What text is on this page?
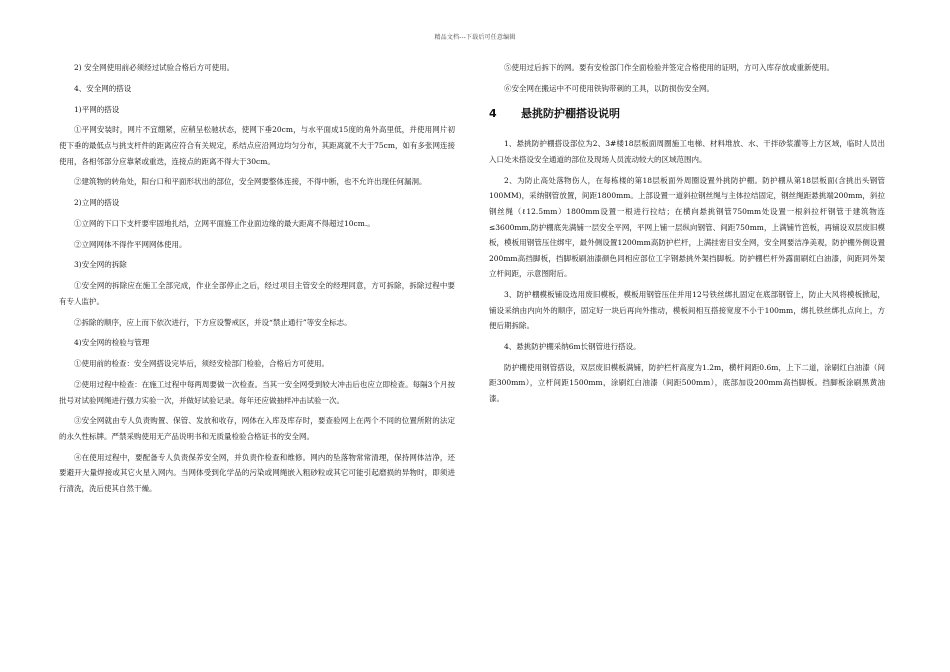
精品文档---下载后可任意编辑

2) 安全网使用前必须经过试验合格后方可使用。

4、安全网的搭设

1)平网的搭设

①平网安装时，网片不宜绷紧，应稍呈松驰状态，使网下垂20cm，与水平面成15度的角外高里低，并使用网片初使下垂的最低点与挑支杆件的距离应符合有关规定，系结点应沿网边均匀分布，其距离就不大于75cm，如有多张网连接使用，各相邻部分应靠紧或重迭，连接点的距离不得大于30cm。

②建筑物的转角处，阳台口和平面形状出的部位，安全网要整体连接，不得中断，也不允许出现任何漏洞。

2)立网的搭设

①立网的下口下支杆要牢固地扎结，立网平面施工作业面边缘的最大距离不得超过10cm.。

②立网网体不得作平网网体使用。

3)安全网的拆除

①安全网的拆除应在施工全部完成，作业全部停止之后，经过项目主管安全的经理同意，方可拆除，拆除过程中要有专人监护。

②拆除的顺序，应上而下依次进行，下方应设警戒区，并设“禁止通行”等安全标志。

4)安全网的检验与管理

①使用前的检查：安全网搭设完毕后，须经安检部门检验，合格后方可使用。

②使用过程中检查：在施工过程中每两周要做一次检查。当其一安全网受到较大冲击后也应立即检查。每隔3个月按批号对试验网绳进行强力实验一次，并做好试验记录。每年还应做抽样冲击试验一次。

③安全网就由专人负责购置、保管、发放和收存，网体在入库及库存时，要查验网上在两个不同的位置所附的法定的永久性标牌。严禁采购使用无产品说明书和无质量检验合格证书的安全网。

④在使用过程中，要配备专人负责保养安全网，并负责作检查和维修。网内的坠落物常常清理，保持网体洁净，还要避开大量焊接或其它火星入网内。当网体受到化学品的污染或网绳嵌入粗砂粒或其它可能引起磨损的异物时，即须进行清洗，洗后使其自然干燥。

⑤使用过后拆下的网。要有安检部门作全面检验并签定合格使用的证明，方可入库存放或重新使用。

⑥安全网在搬运中不可使用铁钩带刺的工具，以防损伤安全网。

4 悬挑防护棚搭设说明

1、悬挑防护棚搭设部位为2、3#楼18层板面周圈施工电梯、材料堆放、水、干拌砂浆灌等上方区域，临时人员出入口处未搭设安全通道的部位及现场人员流动较大的区域范围内。

2、为防止高处落物伤人，在每栋楼的第18层板面外周圈设置外挑防护棚。防护棚从第18层板面(含挑出头钢管100MM)，采纳钢管放置，间距1800mm。上部设置一道斜拉钢丝绳与主体拉结固定，钢丝绳距悬挑端200mm，斜拉钢丝绳（ℓ12.5mm）1800mm设置一根进行拉结；在横向悬挑钢管750mm处设置一根斜拉杆钢管于建筑物连≤3600mm,防护棚底先满铺一层安全平网，平网上铺一层纵向钢管、间距750mm，上满铺竹笆板，再铺设双层废旧模板，模板用钢管压住绑牢，最外侧设置1200mm高防护栏杆，上满挂密目安全网，安全网要洁净美观，防护棚外侧设置200mm高挡脚板，挡脚板刷油漆颜色同相应部位工字钢悬挑外架挡脚板。防护棚栏杆外露面刷红白油漆，间距同外架立杆间距，示意图附后。

3、防护棚模板铺设选用废旧模板，模板用钢管压住并用12号铁丝绑扎固定在底部钢管上，防止大风将模板掀起，铺设采纳由内向外的顺序，固定好一块后再向外推动，模板间相互搭接宽度不小于100mm，绑扎铁丝绑扎点向上，方便后期拆除。

4、悬挑防护棚采纳6m长钢管进行搭设。

防护棚使用钢管搭设，双层废旧模板满铺，防护栏杆高度为1.2m，横杆间距0.6m，上下二道，涂刷红白油漆（间距300mm），立杆间距1500mm，涂刷红白油漆（间距500mm），底部加设200mm高挡脚板。挡脚板涂刷黑黄油漆。
